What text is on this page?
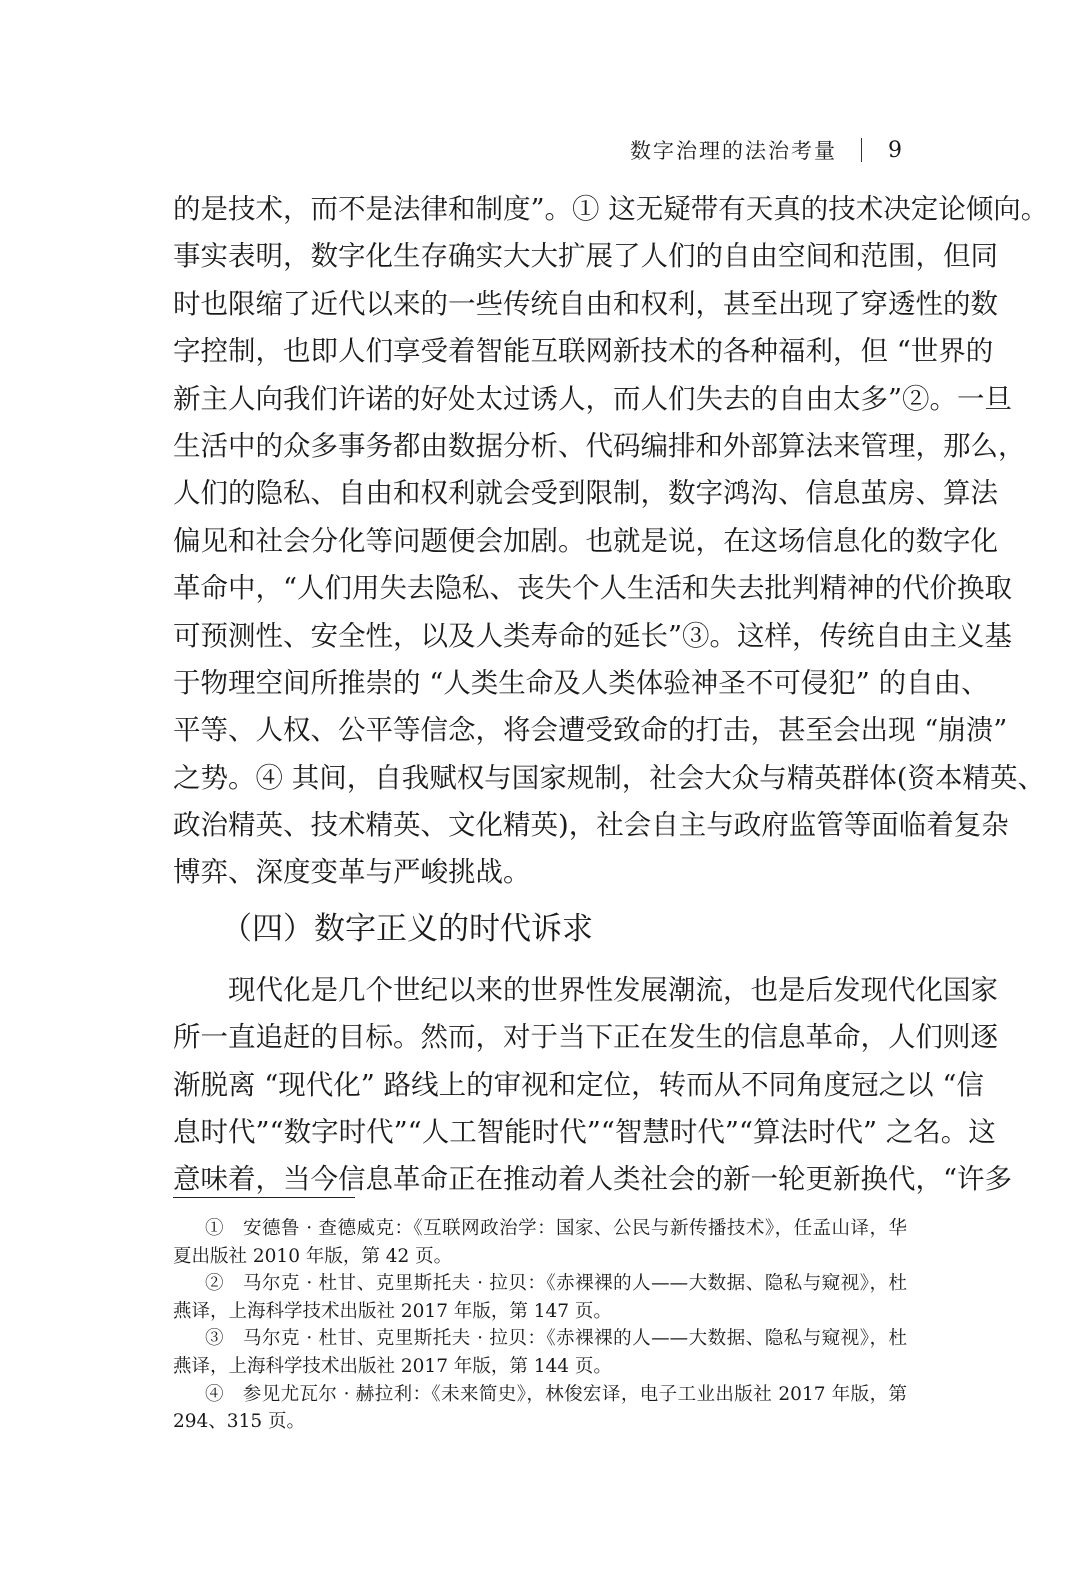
数字治理的法治考量 9
的是技术，而不是法律和制度”。① 这无疑带有天真的技术决定论倾向。
事实表明，数字化生存确实大大扩展了人们的自由空间和范围，但同
时也限缩了近代以来的一些传统自由和权利，甚至出现了穿透性的数
字控制，也即人们享受着智能互联网新技术的各种福利，但 “世界的
新主人向我们许诺的好处太过诱人，而人们失去的自由太多”②。一旦
生活中的众多事务都由数据分析、代码编排和外部算法来管理，那么，
人们的隐私、自由和权利就会受到限制，数字鸿沟、信息茧房、算法
偏见和社会分化等问题便会加剧。也就是说，在这场信息化的数字化
革命中，“人们用失去隐私、丧失个人生活和失去批判精神的代价换取
可预测性、安全性，以及人类寿命的延长”③。这样，传统自由主义基
于物理空间所推崇的 “人类生命及人类体验神圣不可侵犯” 的自由、
平等、人权、公平等信念，将会遭受致命的打击，甚至会出现 “崩溃”
之势。④ 其间，自我赋权与国家规制，社会大众与精英群体(资本精英、
政治精英、技术精英、文化精英)，社会自主与政府监管等面临着复杂
博弈、深度变革与严峻挑战。
（四）数字正义的时代诉求
现代化是几个世纪以来的世界性发展潮流，也是后发现代化国家
所一直追赶的目标。然而，对于当下正在发生的信息革命，人们则逐
渐脱离 “现代化” 路线上的审视和定位，转而从不同角度冠之以 “信
息时代”“数字时代”“人工智能时代”“智慧时代”“算法时代” 之名。这
意味着，当今信息革命正在推动着人类社会的新一轮更新换代，“许多
①　安德鲁 · 查德威克：《互联网政治学：国家、公民与新传播技术》，任孟山译，华
夏出版社 2010 年版，第 42 页。
②　马尔克 · 杜甘、克里斯托夫 · 拉贝：《赤裸裸的人——大数据、隐私与窥视》，杜
燕译，上海科学技术出版社 2017 年版，第 147 页。
③　马尔克 · 杜甘、克里斯托夫 · 拉贝：《赤裸裸的人——大数据、隐私与窥视》，杜
燕译，上海科学技术出版社 2017 年版，第 144 页。
④　参见尤瓦尔 · 赫拉利：《未来简史》，林俊宏译，电子工业出版社 2017 年版，第
294、315 页。
